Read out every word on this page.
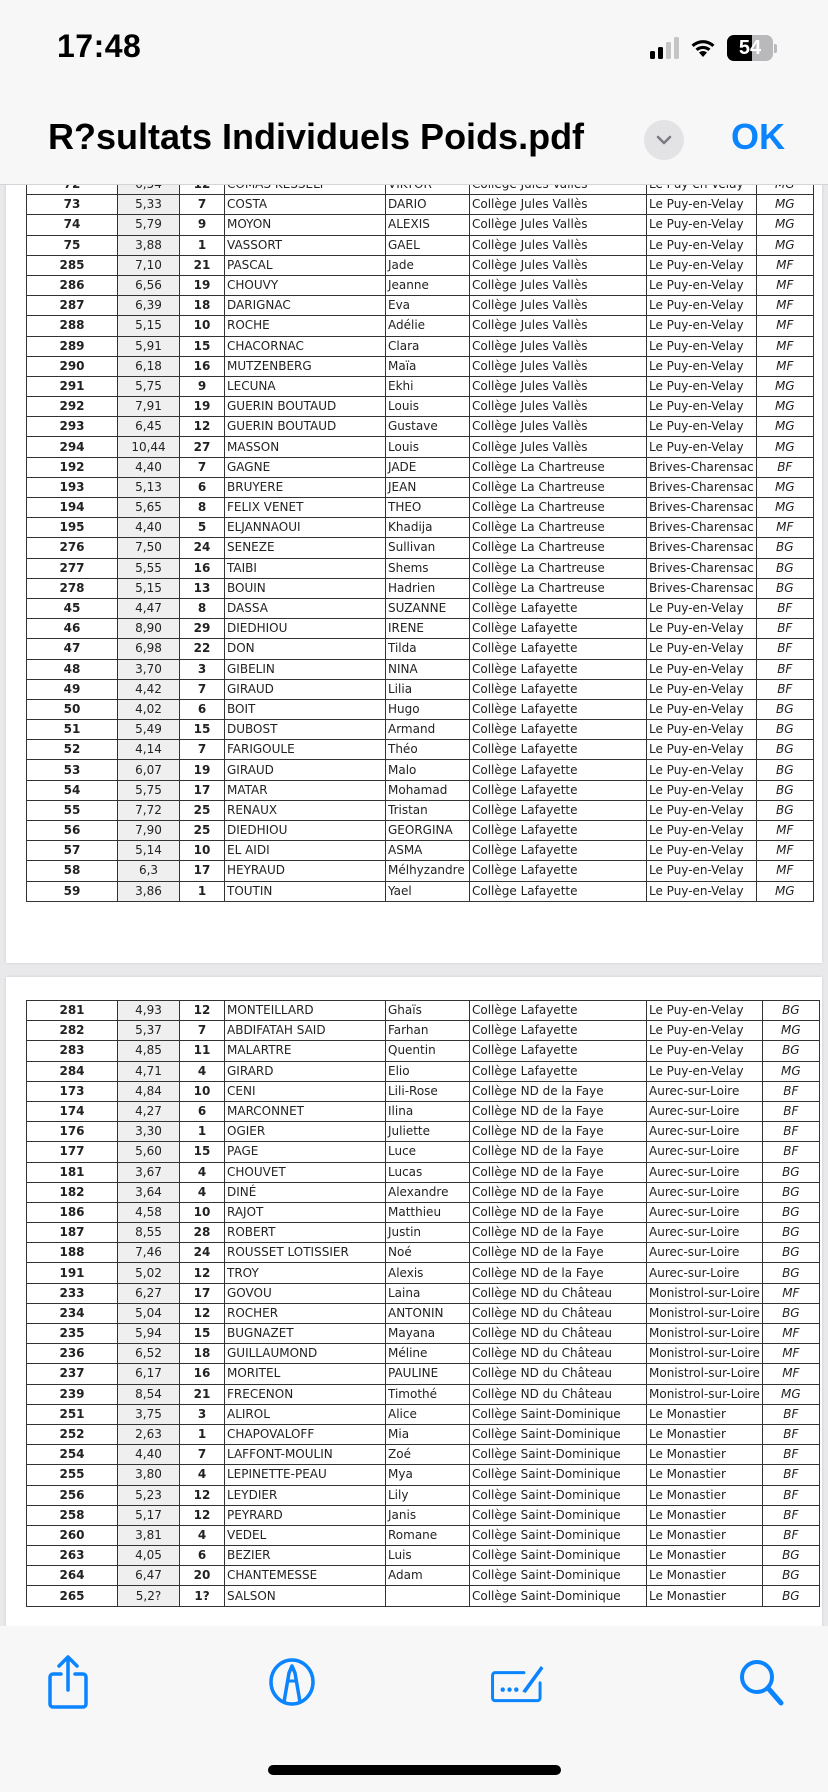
17:48	54
R?sultats Individuels Poids.pdf	OK

73	5,33	7	COSTA	DARIO	Collège Jules Vallès	Le Puy-en-Velay	MG
74	5,79	9	MOYON	ALEXIS	Collège Jules Vallès	Le Puy-en-Velay	MG
75	3,88	1	VASSORT	GAEL	Collège Jules Vallès	Le Puy-en-Velay	MG
285	7,10	21	PASCAL	Jade	Collège Jules Vallès	Le Puy-en-Velay	MF
286	6,56	19	CHOUVY	Jeanne	Collège Jules Vallès	Le Puy-en-Velay	MF
287	6,39	18	DARIGNAC	Eva	Collège Jules Vallès	Le Puy-en-Velay	MF
288	5,15	10	ROCHE	Adélie	Collège Jules Vallès	Le Puy-en-Velay	MF
289	5,91	15	CHACORNAC	Clara	Collège Jules Vallès	Le Puy-en-Velay	MF
290	6,18	16	MUTZENBERG	Maïa	Collège Jules Vallès	Le Puy-en-Velay	MF
291	5,75	9	LECUNA	Ekhi	Collège Jules Vallès	Le Puy-en-Velay	MG
292	7,91	19	GUERIN BOUTAUD	Louis	Collège Jules Vallès	Le Puy-en-Velay	MG
293	6,45	12	GUERIN BOUTAUD	Gustave	Collège Jules Vallès	Le Puy-en-Velay	MG
294	10,44	27	MASSON	Louis	Collège Jules Vallès	Le Puy-en-Velay	MG
192	4,40	7	GAGNE	JADE	Collège La Chartreuse	Brives-Charensac	BF
193	5,13	6	BRUYERE	JEAN	Collège La Chartreuse	Brives-Charensac	MG
194	5,65	8	FELIX VENET	THEO	Collège La Chartreuse	Brives-Charensac	MG
195	4,40	5	ELJANNAOUI	Khadija	Collège La Chartreuse	Brives-Charensac	MF
276	7,50	24	SENEZE	Sullivan	Collège La Chartreuse	Brives-Charensac	BG
277	5,55	16	TAIBI	Shems	Collège La Chartreuse	Brives-Charensac	BG
278	5,15	13	BOUIN	Hadrien	Collège La Chartreuse	Brives-Charensac	BG
45	4,47	8	DASSA	SUZANNE	Collège Lafayette	Le Puy-en-Velay	BF
46	8,90	29	DIEDHIOU	IRENE	Collège Lafayette	Le Puy-en-Velay	BF
47	6,98	22	DON	Tilda	Collège Lafayette	Le Puy-en-Velay	BF
48	3,70	3	GIBELIN	NINA	Collège Lafayette	Le Puy-en-Velay	BF
49	4,42	7	GIRAUD	Lilia	Collège Lafayette	Le Puy-en-Velay	BF
50	4,02	6	BOIT	Hugo	Collège Lafayette	Le Puy-en-Velay	BG
51	5,49	15	DUBOST	Armand	Collège Lafayette	Le Puy-en-Velay	BG
52	4,14	7	FARIGOULE	Théo	Collège Lafayette	Le Puy-en-Velay	BG
53	6,07	19	GIRAUD	Malo	Collège Lafayette	Le Puy-en-Velay	BG
54	5,75	17	MATAR	Mohamad	Collège Lafayette	Le Puy-en-Velay	BG
55	7,72	25	RENAUX	Tristan	Collège Lafayette	Le Puy-en-Velay	BG
56	7,90	25	DIEDHIOU	GEORGINA	Collège Lafayette	Le Puy-en-Velay	MF
57	5,14	10	EL AIDI	ASMA	Collège Lafayette	Le Puy-en-Velay	MF
58	6,3	17	HEYRAUD	Mélhyzandre	Collège Lafayette	Le Puy-en-Velay	MF
59	3,86	1	TOUTIN	Yael	Collège Lafayette	Le Puy-en-Velay	MG
281	4,93	12	MONTEILLARD	Ghaïs	Collège Lafayette	Le Puy-en-Velay	BG
282	5,37	7	ABDIFATAH SAID	Farhan	Collège Lafayette	Le Puy-en-Velay	MG
283	4,85	11	MALARTRE	Quentin	Collège Lafayette	Le Puy-en-Velay	BG
284	4,71	4	GIRARD	Elio	Collège Lafayette	Le Puy-en-Velay	MG
173	4,84	10	CENI	Lili-Rose	Collège ND de la Faye	Aurec-sur-Loire	BF
174	4,27	6	MARCONNET	Ilina	Collège ND de la Faye	Aurec-sur-Loire	BF
176	3,30	1	OGIER	Juliette	Collège ND de la Faye	Aurec-sur-Loire	BF
177	5,60	15	PAGE	Luce	Collège ND de la Faye	Aurec-sur-Loire	BF
181	3,67	4	CHOUVET	Lucas	Collège ND de la Faye	Aurec-sur-Loire	BG
182	3,64	4	DINÉ	Alexandre	Collège ND de la Faye	Aurec-sur-Loire	BG
186	4,58	10	RAJOT	Matthieu	Collège ND de la Faye	Aurec-sur-Loire	BG
187	8,55	28	ROBERT	Justin	Collège ND de la Faye	Aurec-sur-Loire	BG
188	7,46	24	ROUSSET LOTISSIER	Noé	Collège ND de la Faye	Aurec-sur-Loire	BG
191	5,02	12	TROY	Alexis	Collège ND de la Faye	Aurec-sur-Loire	BG
233	6,27	17	GOVOU	Laina	Collège ND du Château	Monistrol-sur-Loire	MF
234	5,04	12	ROCHER	ANTONIN	Collège ND du Château	Monistrol-sur-Loire	BG
235	5,94	15	BUGNAZET	Mayana	Collège ND du Château	Monistrol-sur-Loire	MF
236	6,52	18	GUILLAUMOND	Méline	Collège ND du Château	Monistrol-sur-Loire	MF
237	6,17	16	MORITEL	PAULINE	Collège ND du Château	Monistrol-sur-Loire	MF
239	8,54	21	FRECENON	Timothé	Collège ND du Château	Monistrol-sur-Loire	MG
251	3,75	3	ALIROL	Alice	Collège Saint-Dominique	Le Monastier	BF
252	2,63	1	CHAPOVALOFF	Mia	Collège Saint-Dominique	Le Monastier	BF
254	4,40	7	LAFFONT-MOULIN	Zoé	Collège Saint-Dominique	Le Monastier	BF
255	3,80	4	LEPINETTE-PEAU	Mya	Collège Saint-Dominique	Le Monastier	BF
256	5,23	12	LEYDIER	Lily	Collège Saint-Dominique	Le Monastier	BF
258	5,17	12	PEYRARD	Janis	Collège Saint-Dominique	Le Monastier	BF
260	3,81	4	VEDEL	Romane	Collège Saint-Dominique	Le Monastier	BF
263	4,05	6	BEZIER	Luis	Collège Saint-Dominique	Le Monastier	BG
264	6,47	20	CHANTEMESSE	Adam	Collège Saint-Dominique	Le Monastier	BG
265	5,2?	1?	SALSON		Collège Saint-Dominique	Le Monastier	BG
